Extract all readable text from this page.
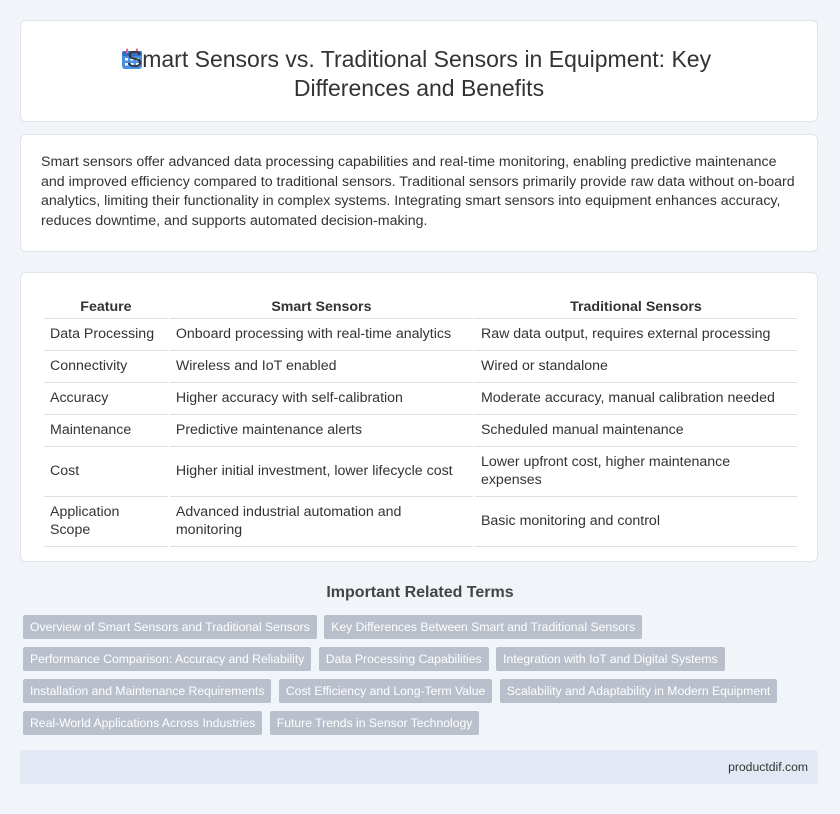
Smart Sensors vs. Traditional Sensors in Equipment: Key Differences and Benefits

Smart sensors offer advanced data processing capabilities and real-time monitoring, enabling predictive maintenance and improved efficiency compared to traditional sensors. Traditional sensors primarily provide raw data without on-board analytics, limiting their functionality in complex systems. Integrating smart sensors into equipment enhances accuracy, reduces downtime, and supports automated decision-making.

Feature	Smart Sensors	Traditional Sensors
Data Processing	Onboard processing with real-time analytics	Raw data output, requires external processing
Connectivity	Wireless and IoT enabled	Wired or standalone
Accuracy	Higher accuracy with self-calibration	Moderate accuracy, manual calibration needed
Maintenance	Predictive maintenance alerts	Scheduled manual maintenance
Cost	Higher initial investment, lower lifecycle cost	Lower upfront cost, higher maintenance expenses
Application Scope	Advanced industrial automation and monitoring	Basic monitoring and control
Important Related Terms
Overview of Smart Sensors and Traditional Sensors Key Differences Between Smart and Traditional Sensors
Performance Comparison: Accuracy and Reliability Data Processing Capabilities Integration with IoT and Digital Systems
Installation and Maintenance Requirements Cost Efficiency and Long-Term Value Scalability and Adaptability in Modern Equipment
Real-World Applications Across Industries Future Trends in Sensor Technology
productdif.com
